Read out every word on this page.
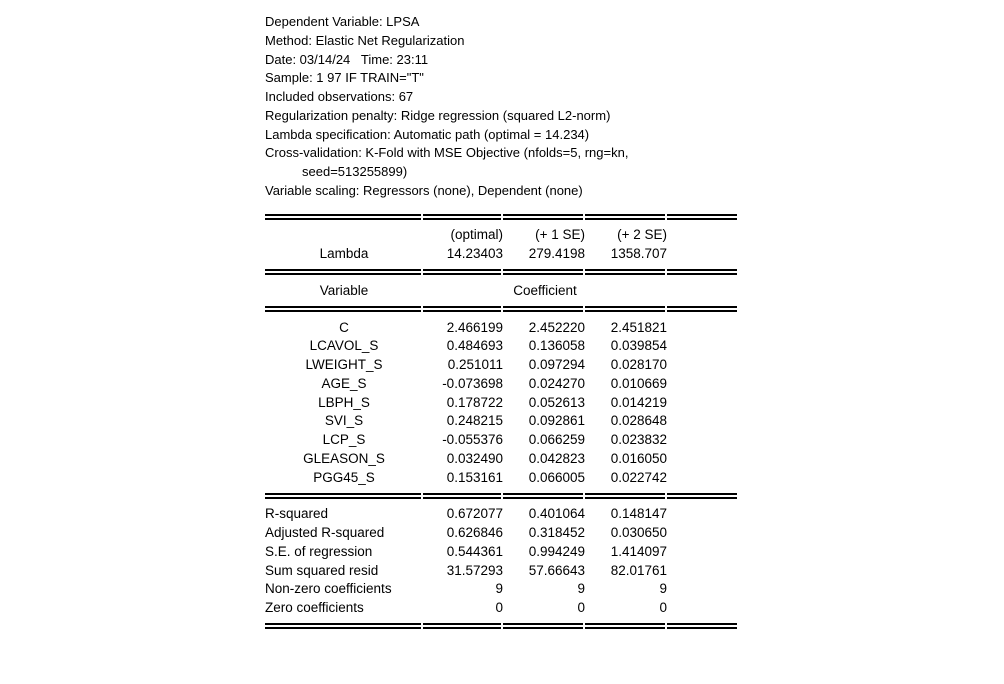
Dependent Variable: LPSA
Method: Elastic Net Regularization
Date: 03/14/24   Time: 23:11
Sample: 1 97 IF TRAIN="T"
Included observations: 67
Regularization penalty: Ridge regression (squared L2-norm)
Lambda specification: Automatic path (optimal = 14.234)
Cross-validation: K-Fold with MSE Objective (nfolds=5, rng=kn,
seed=513255899)
Variable scaling: Regressors (none), Dependent (none)

	(optimal)	(+ 1 SE)	(+ 2 SE)	
Lambda	14.23403	279.4198	1358.707	

Variable	Coefficient			

C	2.466199	2.452220	2.451821	
LCAVOL_S	0.484693	0.136058	0.039854	
LWEIGHT_S	0.251011	0.097294	0.028170	
AGE_S	-0.073698	0.024270	0.010669	
LBPH_S	0.178722	0.052613	0.014219	
SVI_S	0.248215	0.092861	0.028648	
LCP_S	-0.055376	0.066259	0.023832	
GLEASON_S	0.032490	0.042823	0.016050	
PGG45_S	0.153161	0.066005	0.022742	

R-squared	0.672077	0.401064	0.148147	
Adjusted R-squared	0.626846	0.318452	0.030650	
S.E. of regression	0.544361	0.994249	1.414097	
Sum squared resid	31.57293	57.66643	82.01761	
Non-zero coefficients	9	9	9	
Zero coefficients	0	0	0	
